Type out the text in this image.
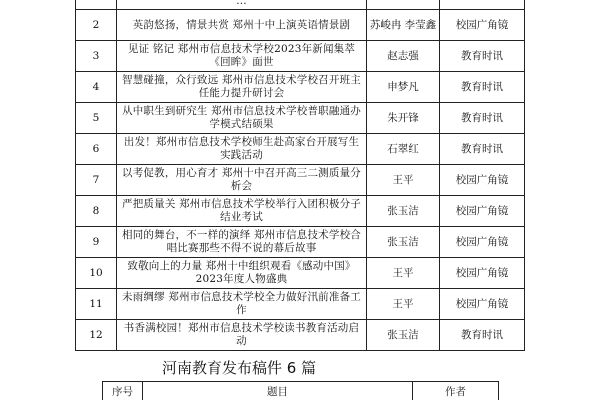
	...		
2	英韵悠扬，情景共赏 郑州十中上演英语情景剧	苏峻冉 李莹鑫	校园广角镜
3	见证 铭记 郑州市信息技术学校2023年新闻集萃《回眸》面世	赵志强	教育时讯
4	智慧碰撞，众行致远 郑州市信息技术学校召开班主任能力提升研讨会	申梦凡	教育时讯
5	从中职生到研究生 郑州市信息技术学校普职融通办学模式结硕果	朱开锋	教育时讯
6	出发！郑州市信息技术学校师生赴高家台开展写生实践活动	石翠红	教育时讯
7	以考促教，用心育才 郑州十中召开高三二测质量分析会	王平	校园广角镜
8	严把质量关 郑州市信息技术学校举行入团积极分子结业考试	张玉洁	校园广角镜
9	相同的舞台，不一样的演绎 郑州市信息技术学校合唱比赛那些不得不说的幕后故事	张玉洁	校园广角镜
10	致敬向上的力量 郑州十中组织观看《感动中国》2023年度人物盛典	王平	校园广角镜
11	未雨绸缪 郑州市信息技术学校全力做好汛前准备工作	王平	校园广角镜
12	书香满校园！郑州市信息技术学校读书教育活动启动	张玉洁	教育时讯
河南教育发布稿件 6 篇
序号	题目	作者
